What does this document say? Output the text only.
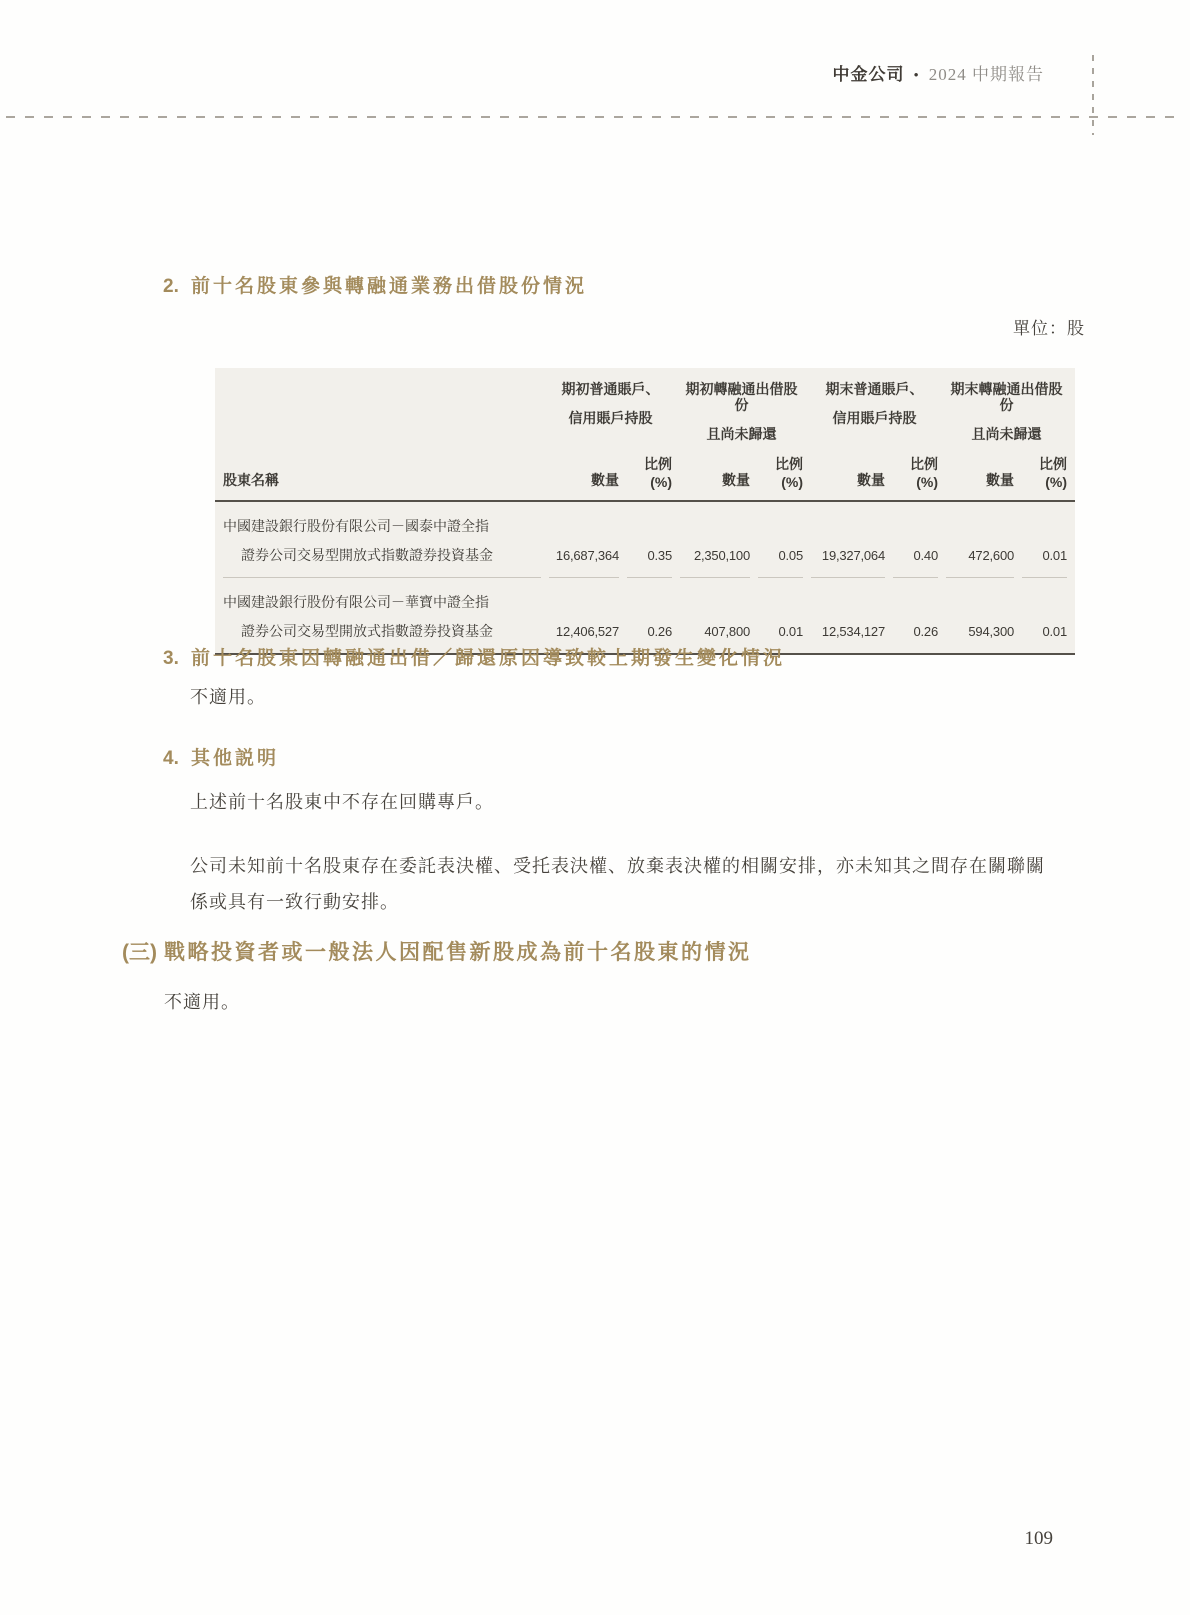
中金公司 • 2024 中期報告
2. 前十名股東參與轉融通業務出借股份情況
單位：股

期初普通賬戶、
信用賬戶持股

期初轉融通出借股份
且尚未歸還

期末普通賬戶、
信用賬戶持股

期末轉融通出借股份
且尚未歸還

股東名稱	數量	比例(%)	數量	比例(%)	數量	比例(%)	數量	比例(%)
中國建設銀行股份有限公司－國泰中證全指
證券公司交易型開放式指數證券投資基金	16,687,364	0.35	2,350,100	0.05	19,327,064	0.40	472,600	0.01

中國建設銀行股份有限公司－華寶中證全指
證券公司交易型開放式指數證券投資基金	12,406,527	0.26	407,800	0.01	12,534,127	0.26	594,300	0.01
3. 前十名股東因轉融通出借／歸還原因導致較上期發生變化情況
不適用。
4. 其他説明
上述前十名股東中不存在回購專戶。
公司未知前十名股東存在委託表決權、受托表決權、放棄表決權的相關安排，亦未知其之間存在關聯關係或具有一致行動安排。
(三) 戰略投資者或一般法人因配售新股成為前十名股東的情況
不適用。
109
